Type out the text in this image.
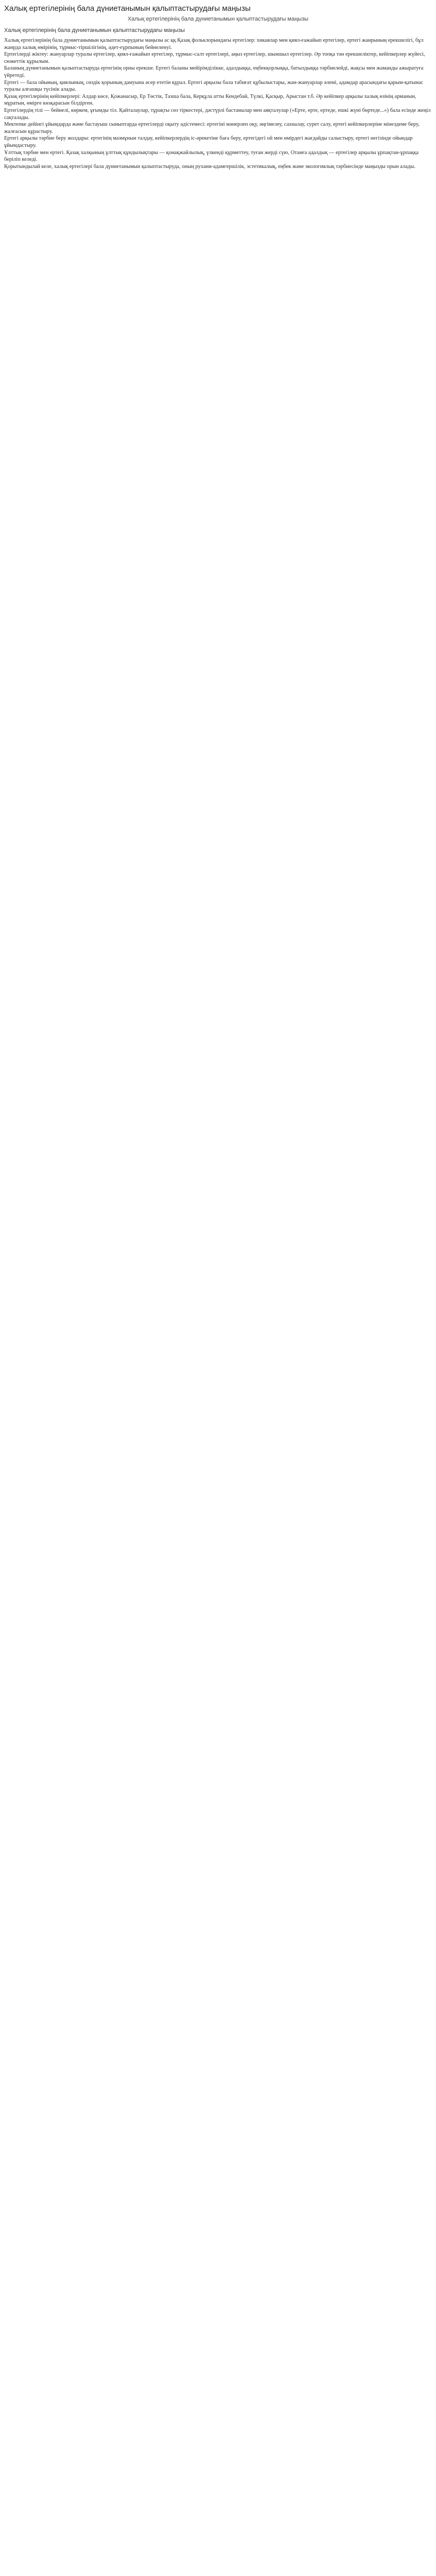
Халық ертегілерінің бала дүниетанымын қалыптастырудағы маңызы
Халық ертегілерінің бала дүниетанымын қалыптастырудағы маңызы
Халық ертегілерінің бала дүниетанымын қалыптастырудағы маңызы

Халық ертегілерінің бала дүниетанымын қалыптастырудағы маңызы ас ққ Қазақ фольклорындағы ертегілер: хикаялар мен қиял-ғажайып ертегілер, ертегі жанрының ерекшелігі, бұл жанрда халық өмірінің, тұрмыс-тіршілігінің, әдет-ғұрпының бейнеленуі.

Ертегілерді жіктеу: жануарлар туралы ертегілер, қиял-ғажайып ертегілер, тұрмыс-салт ертегілері, аңыз ертегілер, шыншыл ертегілер. Әр топқа тән ерекшеліктер, кейіпкерлер жүйесі, сюжеттік құрылым.

Баланың дүниетанымын қалыптастыруда ертегінің орны ерекше. Ертегі баланы мейірімділікке, адалдыққа, еңбекқорлыққа, батылдыққа тәрбиелейді, жақсы мен жаманды ажыратуға үйретеді.

Ертегі — бала ойының, қиялының, сөздік қорының дамуына әсер ететін құрал. Ертегі арқылы бала табиғат құбылыстары, жан-жануарлар әлемі, адамдар арасындағы қарым-қатынас туралы алғашқы түсінік алады.

Қазақ ертегілерінің кейіпкерлері: Алдар көсе, Қожанасыр, Ер Төстік, Тазша бала, Керқұла атты Кендебай, Түлкі, Қасқыр, Арыстан т.б. Әр кейіпкер арқылы халық өзінің арманын, мұратын, өмірге көзқарасын білдірген.

Ертегілердің тілі — бейнелі, көркем, ұғымды тіл. Қайталаулар, тұрақты сөз тіркестері, дәстүрлі бастамалар мен аяқталулар («Ерте, ерте, ертеде, ешкі жүні бөртеде...») бала есінде жеңіл сақталады.

Мектепке дейінгі ұйымдарда және бастауыш сыныптарда ертегілерді оқыту әдістемесі: ертегіні мәнерлеп оқу, әңгімелеу, сахналау, сурет салу, ертегі кейіпкерлеріне мінездеме беру, жалғасын құрастыру.

Ертегі арқылы тәрбие беру жолдары: ертегінің мазмұнын талдау, кейіпкерлердің іс-әрекетіне баға беру, ертегідегі ой мен өмірдегі жағдайды салыстыру, ертегі негізінде ойындар ұйымдастыру.

Ұлттық тәрбие мен ертегі. Қазақ халқының ұлттық құндылықтары — қонақжайлылық, үлкенді құрметтеу, туған жерді сүю, Отанға адалдық — ертегілер арқылы ұрпақтан-ұрпаққа беріліп келеді.

Қорытындылай келе, халық ертегілері бала дүниетанымын қалыптастыруда, оның рухани-адамгершілік, эстетикалық, еңбек және экологиялық тәрбиесінде маңызды орын алады.
